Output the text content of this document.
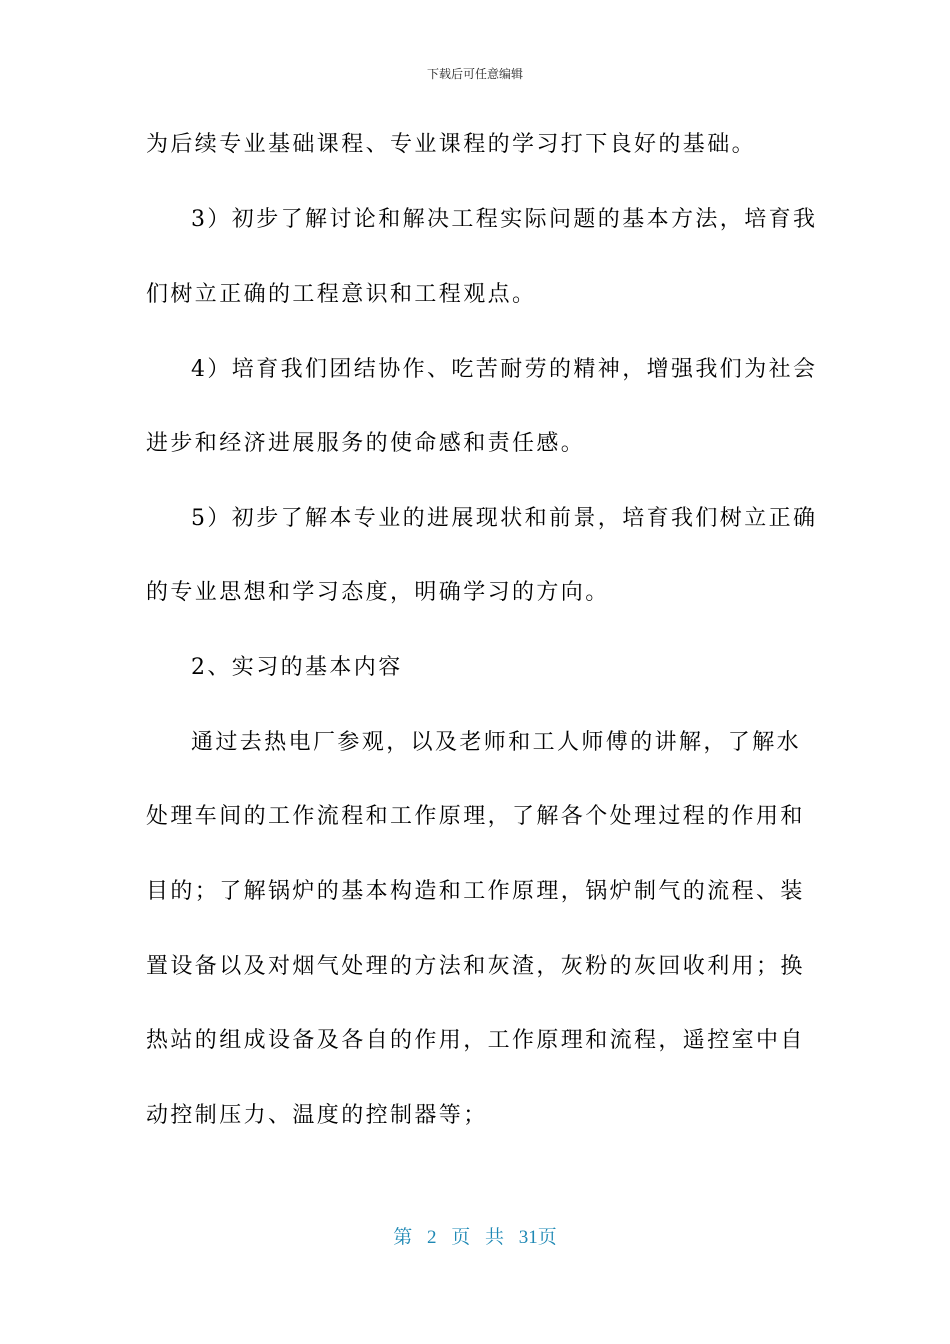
下载后可任意编辑
为后续专业基础课程、专业课程的学习打下良好的基础。
3）初步了解讨论和解决工程实际问题的基本方法，培育我
们树立正确的工程意识和工程观点。
4）培育我们团结协作、吃苦耐劳的精神，增强我们为社会
进步和经济进展服务的使命感和责任感。
5）初步了解本专业的进展现状和前景，培育我们树立正确
的专业思想和学习态度，明确学习的方向。
2、实习的基本内容
通过去热电厂参观，以及老师和工人师傅的讲解，了解水
处理车间的工作流程和工作原理，了解各个处理过程的作用和
目的；了解锅炉的基本构造和工作原理，锅炉制气的流程、装
置设备以及对烟气处理的方法和灰渣，灰粉的灰回收利用；换
热站的组成设备及各自的作用，工作原理和流程，遥控室中自
动控制压力、温度的控制器等；
第 2 页 共 31页
